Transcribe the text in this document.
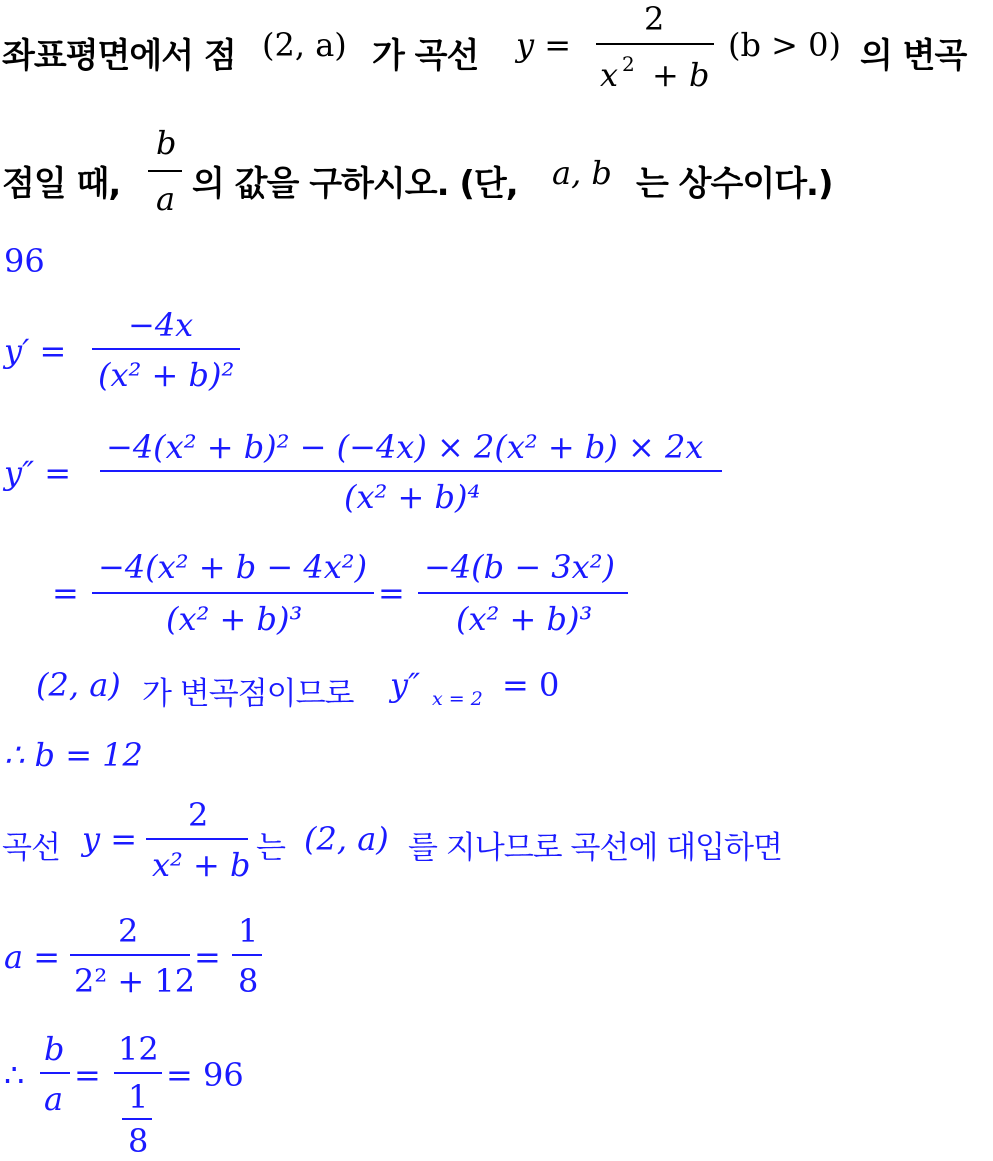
좌표평면에서 점 (2, a) 가 곡선 y =
2
x 2 + b
(b > 0) 의 변곡
점일 때,
b
a 의 값을 구하시오. (단, a, b 는 상수이다.)
96
y′ =
−4x
(x² + b)²
y″ =
−4(x² + b)² − (−4x) × 2(x² + b) × 2x
(x² + b)⁴
=
−4(x² + b − 4x²)
(x² + b)³
=
−4(b − 3x²)
(x² + b)³
(2, a) 가 변곡점이므로 y″ x = 2 = 0
∴ b = 12
곡선 y =
2
x² + b 는 (2, a) 를 지나므로 곡선에 대입하면
a =
2
2² + 12
=
1
8
∴
b
a
=
12
1
8
= 96
